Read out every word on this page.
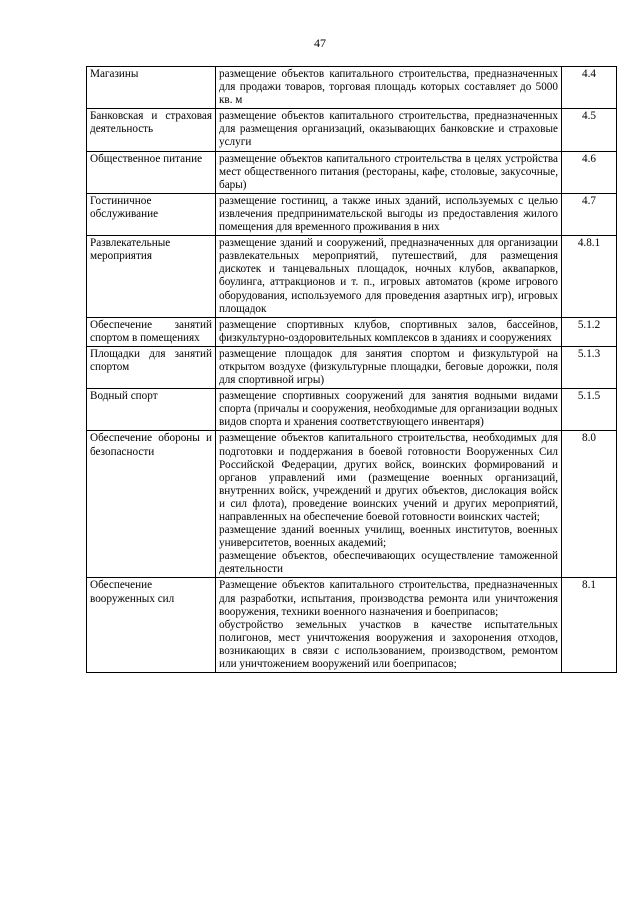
47
Магазины	размещение объектов капитального строительства, предназначенных для продажи товаров, торговая площадь которых составляет до 5000 кв. м	4.4
Банковская и страховая деятельность	размещение объектов капитального строительства, предназначенных для размещения организаций, оказывающих банковские и страховые услуги	4.5
Общественное питание	размещение объектов капитального строительства в целях устройства мест общественного питания (рестораны, кафе, столовые, закусочные, бары)	4.6
Гостиничное обслуживание	размещение гостиниц, а также иных зданий, используемых с целью извлечения предпринимательской выгоды из предоставления жилого помещения для временного проживания в них	4.7
Развлекательные мероприятия	размещение зданий и сооружений, предназначенных для организации развлекательных мероприятий, путешествий, для размещения дискотек и танцевальных площадок, ночных клубов, аквапарков, боулинга, аттракционов и т. п., игровых автоматов (кроме игрового оборудования, используемого для проведения азартных игр), игровых площадок	4.8.1
Обеспечение занятий спортом в помещениях	размещение спортивных клубов, спортивных залов, бассейнов, физкультурно-оздоровительных комплексов в зданиях и сооружениях	5.1.2
Площадки для занятий спортом	размещение площадок для занятия спортом и физкультурой на открытом воздухе (физкультурные площадки, беговые дорожки, поля для спортивной игры)	5.1.3
Водный спорт	размещение спортивных сооружений для занятия водными видами спорта (причалы и сооружения, необходимые для организации водных видов спорта и хранения соответствующего инвентаря)	5.1.5
Обеспечение обороны и безопасности	размещение объектов капитального строительства, необходимых для подготовки и поддержания в боевой готовности Вооруженных Сил Российской Федерации, других войск, воинских формирований и органов управлений ими (размещение военных организаций, внутренних войск, учреждений и других объектов, дислокация войск и сил флота), проведение воинских учений и других мероприятий, направленных на обеспечение боевой готовности воинских частей;
размещение зданий военных училищ, военных институтов, военных университетов, военных академий;
размещение объектов, обеспечивающих осуществление таможенной деятельности	8.0
Обеспечение вооруженных сил	Размещение объектов капитального строительства, предназначенных для разработки, испытания, производства ремонта или уничтожения вооружения, техники военного назначения и боеприпасов;
обустройство земельных участков в качестве испытательных полигонов, мест уничтожения вооружения и захоронения отходов, возникающих в связи с использованием, производством, ремонтом или уничтожением вооружений или боеприпасов;	8.1
